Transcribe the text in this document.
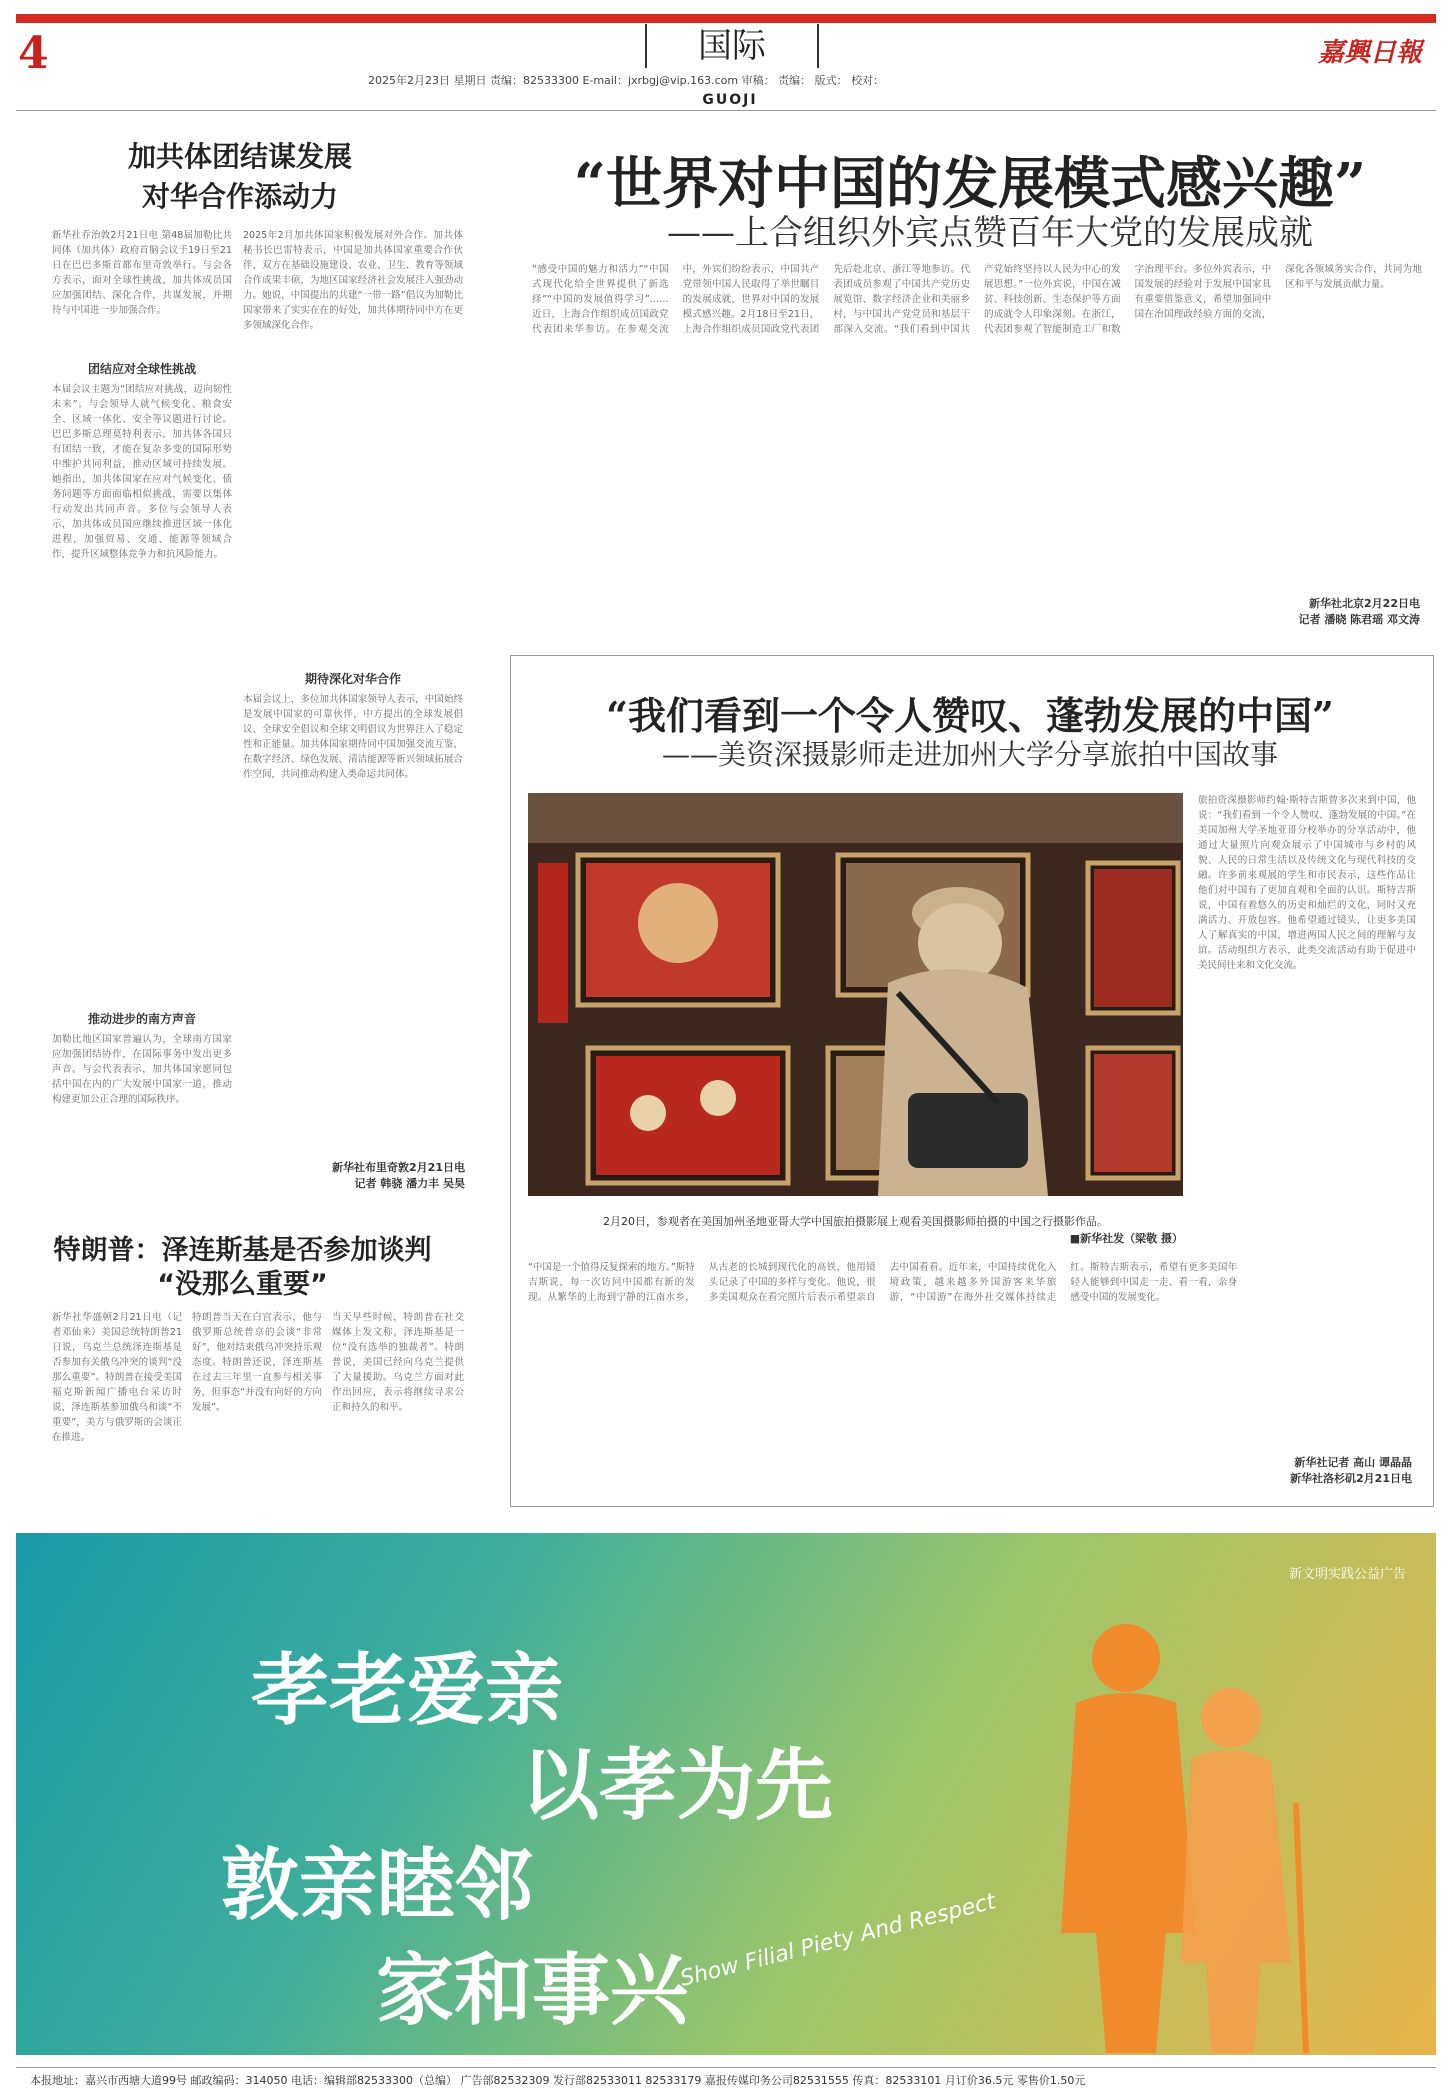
4	国际
2025年2月23日 星期日 责编：82533300 E-mail：jxrbgj@vip.163.com 审稿： 责编： 版式： 校对：
GUOJI
嘉興日報
加共体团结谋发展
对华合作添动力
新华社乔治敦2月21日电 第48届加勒比共同体（加共体）政府首脑会议于19日至21日在巴巴多斯首都布里奇敦举行。与会各方表示，面对全球性挑战，加共体成员国应加强团结、深化合作，共谋发展，并期待与中国进一步加强合作。
团结应对全球性挑战
本届会议主题为“团结应对挑战，迈向韧性未来”。与会领导人就气候变化、粮食安全、区域一体化、安全等议题进行讨论。巴巴多斯总理莫特利表示，加共体各国只有团结一致，才能在复杂多变的国际形势中维护共同利益，推动区域可持续发展。她指出，加共体国家在应对气候变化、债务问题等方面面临相似挑战，需要以集体行动发出共同声音。多位与会领导人表示，加共体成员国应继续推进区域一体化进程，加强贸易、交通、能源等领域合作，提升区域整体竞争力和抗风险能力。
推动进步的南方声音
加勒比地区国家普遍认为，全球南方国家应加强团结协作，在国际事务中发出更多声音。与会代表表示，加共体国家愿同包括中国在内的广大发展中国家一道，推动构建更加公正合理的国际秩序。
2025年2月加共体国家积极发展对外合作。加共体秘书长巴雷特表示，中国是加共体国家重要合作伙伴，双方在基础设施建设、农业、卫生、教育等领域合作成果丰硕，为地区国家经济社会发展注入强劲动力。她说，中国提出的共建“一带一路”倡议为加勒比国家带来了实实在在的好处，加共体期待同中方在更多领域深化合作。
期待深化对华合作
本届会议上，多位加共体国家领导人表示，中国始终是发展中国家的可靠伙伴，中方提出的全球发展倡议、全球安全倡议和全球文明倡议为世界注入了稳定性和正能量。加共体国家期待同中国加强交流互鉴，在数字经济、绿色发展、清洁能源等新兴领域拓展合作空间，共同推动构建人类命运共同体。
新华社布里奇敦2月21日电
记者 韩骁 潘力丰 吴昊
特朗普：泽连斯基是否参加谈判
“没那么重要”
新华社华盛顿2月21日电（记者邓仙来）美国总统特朗普21日说，乌克兰总统泽连斯基是否参加有关俄乌冲突的谈判“没那么重要”。特朗普在接受美国福克斯新闻广播电台采访时说，泽连斯基参加俄乌和谈“不重要”，美方与俄罗斯的会谈正在推进。
特朗普当天在白宫表示，他与俄罗斯总统普京的会谈“非常好”，他对结束俄乌冲突持乐观态度。特朗普还说，泽连斯基在过去三年里一直参与相关事务，但事态“并没有向好的方向发展”。
当天早些时候，特朗普在社交媒体上发文称，泽连斯基是一位“没有选举的独裁者”。特朗普说，美国已经向乌克兰提供了大量援助。乌克兰方面对此作出回应，表示将继续寻求公正和持久的和平。
“世界对中国的发展模式感兴趣”
——上合组织外宾点赞百年大党的发展成就
“感受中国的魅力和活力”“中国式现代化给全世界提供了新选择”“中国的发展值得学习”……近日，上海合作组织成员国政党代表团来华参访。在参观交流中，外宾们纷纷表示，中国共产党带领中国人民取得了举世瞩目的发展成就，世界对中国的发展模式感兴趣。2月18日至21日，上海合作组织成员国政党代表团先后赴北京、浙江等地参访。代表团成员参观了中国共产党历史展览馆、数字经济企业和美丽乡村，与中国共产党党员和基层干部深入交流。“我们看到中国共产党始终坚持以人民为中心的发展思想。”一位外宾说，中国在减贫、科技创新、生态保护等方面的成就令人印象深刻。在浙江，代表团参观了智能制造工厂和数字治理平台。多位外宾表示，中国发展的经验对于发展中国家具有重要借鉴意义，希望加强同中国在治国理政经验方面的交流，深化各领域务实合作，共同为地区和平与发展贡献力量。
新华社北京2月22日电
记者 潘晓 陈君瑶 邓文涛
“我们看到一个令人赞叹、蓬勃发展的中国”
——美资深摄影师走进加州大学分享旅拍中国故事
2月20日，参观者在美国加州圣地亚哥大学中国旅拍摄影展上观看美国摄影师拍摄的中国之行摄影作品。

■新华社发（梁敬 摄）
旅拍资深摄影师约翰·斯特吉斯曾多次来到中国，他说：“我们看到一个令人赞叹、蓬勃发展的中国。”在美国加州大学圣地亚哥分校举办的分享活动中，他通过大量照片向观众展示了中国城市与乡村的风貌、人民的日常生活以及传统文化与现代科技的交融。许多前来观展的学生和市民表示，这些作品让他们对中国有了更加直观和全面的认识。斯特吉斯说，中国有着悠久的历史和灿烂的文化，同时又充满活力、开放包容。他希望通过镜头，让更多美国人了解真实的中国，增进两国人民之间的理解与友谊。活动组织方表示，此类交流活动有助于促进中美民间往来和文化交流。
“中国是一个值得反复探索的地方。”斯特吉斯说，每一次访问中国都有新的发现。从繁华的上海到宁静的江南水乡，从古老的长城到现代化的高铁，他用镜头记录了中国的多样与变化。他说，很多美国观众在看完照片后表示希望亲自去中国看看。近年来，中国持续优化入境政策，越来越多外国游客来华旅游，“中国游”在海外社交媒体持续走红。斯特吉斯表示，希望有更多美国年轻人能够到中国走一走、看一看，亲身感受中国的发展变化。
新华社记者 高山 谭晶晶
新华社洛杉矶2月21日电
新文明实践公益广告
孝老爱亲
以孝为先
敦亲睦邻
家和事兴
Show Filial Piety And Respect
本报地址：嘉兴市西塘大道99号 邮政编码：314050 电话：编辑部82533300（总编） 广告部82532309 发行部82533011 82533179 嘉报传媒印务公司82531555 传真：82533101 月订价36.5元 零售价1.50元
